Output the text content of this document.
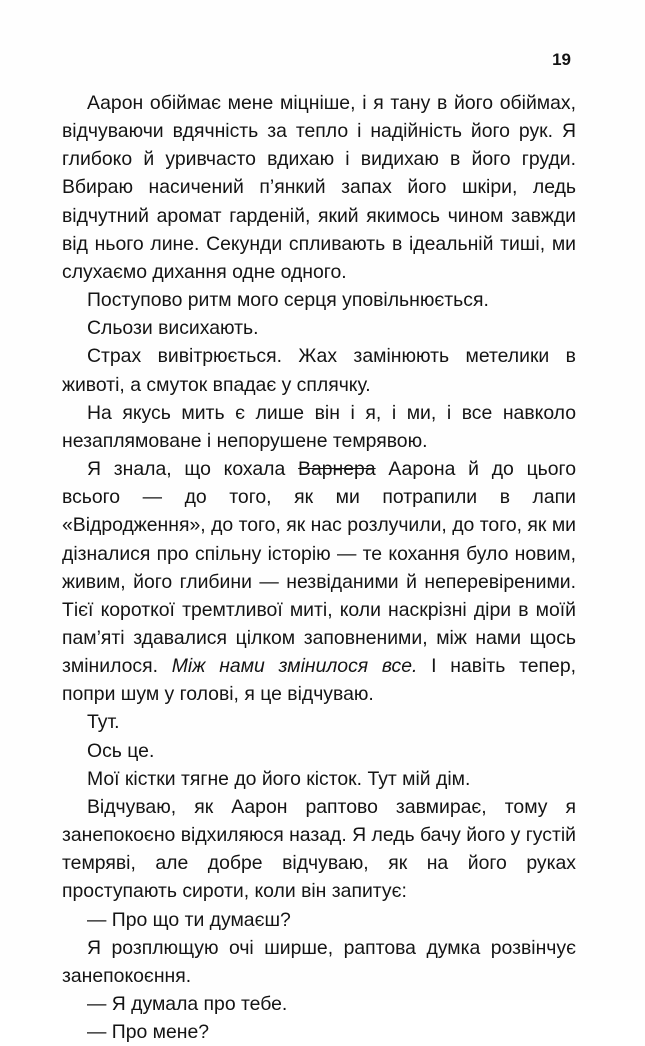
19

Аарон обіймає мене міцніше, і я тану в його обіймах, відчуваючи вдячність за тепло і надійність його рук. Я глибоко й уривчасто вдихаю і видихаю в його груди. Вбираю насичений п’янкий запах його шкіри, ледь відчутний аромат гарденій, який якимось чином завжди від нього лине. Секунди спливають в ідеальній тиші, ми слухаємо дихання одне одного.

Поступово ритм мого серця уповільнюється.

Сльози висихають.

Страх вивітрюється. Жах замінюють метелики в животі, а смуток впадає у сплячку.

На якусь мить є лише він і я, і ми, і все навколо незаплямоване і непорушене темрявою.

Я знала, що кохала Варнера Аарона й до цього всього — до того, як ми потрапили в лапи «Відродження», до того, як нас розлучили, до того, як ми дізналися про спільну історію — те кохання було новим, живим, його глибини — незвіданими й неперевіреними. Тієї короткої тремтливої миті, коли наскрізні діри в моїй пам’яті здавалися цілком заповненими, між нами щось змінилося. Між нами змінилося все. І навіть тепер, попри шум у голові, я це відчуваю.

Тут.

Ось це.

Мої кістки тягне до його кісток. Тут мій дім.

Відчуваю, як Аарон раптово завмирає, тому я занепокоєно відхиляюся назад. Я ледь бачу його у густій темряві, але добре відчуваю, як на його руках проступають сироти, коли він запитує:

— Про що ти думаєш?

Я розплющую очі ширше, раптова думка розвінчує занепокоєння.

— Я думала про тебе.

— Про мене?
